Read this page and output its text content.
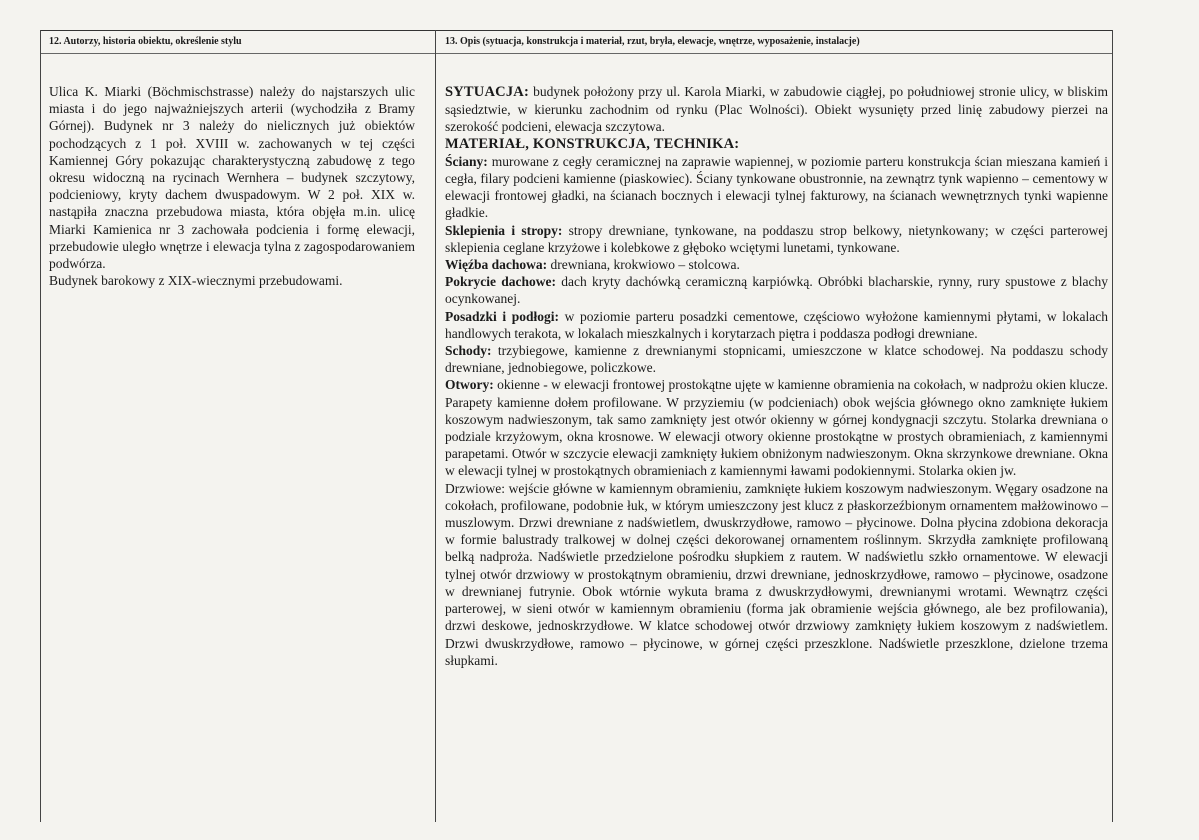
12. Autorzy, historia obiektu, określenie stylu	13. Opis (sytuacja, konstrukcja i materiał, rzut, bryła, elewacje, wnętrze, wyposażenie, instalacje)

Ulica K. Miarki (Böchmischstrasse) należy do najstarszych ulic miasta i do jego najważniejszych arterii (wychodziła z Bramy Górnej). Budynek nr 3 należy do nielicznych już obiektów pochodzących z 1 poł. XVIII w. zachowanych w tej części Kamiennej Góry pokazując charakterystyczną zabudowę z tego okresu widoczną na rycinach Wernhera – budynek szczytowy, podcieniowy, kryty dachem dwuspadowym. W 2 poł. XIX w. nastąpiła znaczna przebudowa miasta, która objęła m.in. ulicę Miarki Kamienica nr 3 zachowała podcienia i formę elewacji, przebudowie uległo wnętrze i elewacja tylna z zagospodarowaniem podwórza.

Budynek barokowy z XIX-wiecznymi przebudowami.

SYTUACJA: budynek położony przy ul. Karola Miarki, w zabudowie ciągłej, po południowej stronie ulicy, w bliskim sąsiedztwie, w kierunku zachodnim od rynku (Plac Wolności). Obiekt wysunięty przed linię zabudowy pierzei na szerokość podcieni, elewacja szczytowa.

MATERIAŁ, KONSTRUKCJA, TECHNIKA:

Ściany: murowane z cegły ceramicznej na zaprawie wapiennej, w poziomie parteru konstrukcja ścian mieszana kamień i cegła, filary podcieni kamienne (piaskowiec). Ściany tynkowane obustronnie, na zewnątrz tynk wapienno – cementowy w elewacji frontowej gładki, na ścianach bocznych i elewacji tylnej fakturowy, na ścianach wewnętrznych tynki wapienne gładkie.

Sklepienia i stropy: stropy drewniane, tynkowane, na poddaszu strop belkowy, nietynkowany; w części parterowej sklepienia ceglane krzyżowe i kolebkowe z głęboko wciętymi lunetami, tynkowane.

Więźba dachowa: drewniana, krokwiowo – stolcowa.

Pokrycie dachowe: dach kryty dachówką ceramiczną karpiówką. Obróbki blacharskie, rynny, rury spustowe z blachy ocynkowanej.

Posadzki i podłogi: w poziomie parteru posadzki cementowe, częściowo wyłożone kamiennymi płytami, w lokalach handlowych terakota, w lokalach mieszkalnych i korytarzach piętra i poddasza podłogi drewniane.

Schody: trzybiegowe, kamienne z drewnianymi stopnicami, umieszczone w klatce schodowej. Na poddaszu schody drewniane, jednobiegowe, policzkowe.

Otwory: okienne - w elewacji frontowej prostokątne ujęte w kamienne obramienia na cokołach, w nadprożu okien klucze. Parapety kamienne dołem profilowane. W przyziemiu (w podcieniach) obok wejścia głównego okno zamknięte łukiem koszowym nadwieszonym, tak samo zamknięty jest otwór okienny w górnej kondygnacji szczytu. Stolarka drewniana o podziale krzyżowym, okna krosnowe. W elewacji otwory okienne prostokątne w prostych obramieniach, z kamiennymi parapetami. Otwór w szczycie elewacji zamknięty łukiem obniżonym nadwieszonym. Okna skrzynkowe drewniane. Okna w elewacji tylnej w prostokątnych obramieniach z kamiennymi ławami podokiennymi. Stolarka okien jw.

Drzwiowe: wejście główne w kamiennym obramieniu, zamknięte łukiem koszowym nadwieszonym. Węgary osadzone na cokołach, profilowane, podobnie łuk, w którym umieszczony jest klucz z płaskorzeźbionym ornamentem małżowinowo – muszlowym. Drzwi drewniane z nadświetlem, dwuskrzydłowe, ramowo – płycinowe. Dolna płycina zdobiona dekoracja w formie balustrady tralkowej w dolnej części dekorowanej ornamentem roślinnym. Skrzydła zamknięte profilowaną belką nadproża. Nadświetle przedzielone pośrodku słupkiem z rautem. W nadświetlu szkło ornamentowe. W elewacji tylnej otwór drzwiowy w prostokątnym obramieniu, drzwi drewniane, jednoskrzydłowe, ramowo – płycinowe, osadzone w drewnianej futrynie. Obok wtórnie wykuta brama z dwuskrzydłowymi, drewnianymi wrotami. Wewnątrz części parterowej, w sieni otwór w kamiennym obramieniu (forma jak obramienie wejścia głównego, ale bez profilowania), drzwi deskowe, jednoskrzydłowe. W klatce schodowej otwór drzwiowy zamknięty łukiem koszowym z nadświetlem. Drzwi dwuskrzydłowe, ramowo – płycinowe, w górnej części przeszklone. Nadświetle przeszklone, dzielone trzema słupkami.
